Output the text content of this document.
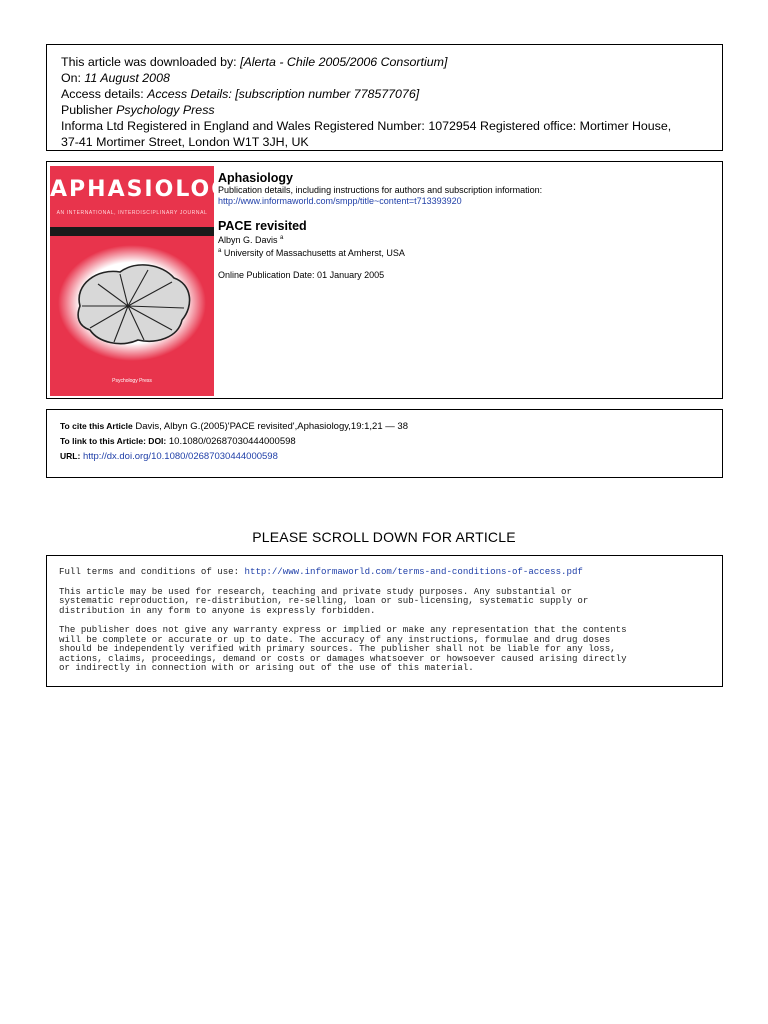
This article was downloaded by: [Alerta - Chile 2005/2006 Consortium]
On: 11 August 2008
Access details: Access Details: [subscription number 778577076]
Publisher Psychology Press
Informa Ltd Registered in England and Wales Registered Number: 1072954 Registered office: Mortimer House,
37-41 Mortimer Street, London W1T 3JH, UK
APHASIOLOGY
AN INTERNATIONAL, INTERDISCIPLINARY JOURNAL
Psychology Press
Aphasiology
Publication details, including instructions for authors and subscription information:
http://www.informaworld.com/smpp/title~content=t713393920
PACE revisited
Albyn G. Davis $^a$
$^a$ University of Massachusetts at Amherst, USA
Online Publication Date: 01 January 2005
To cite this Article Davis, Albyn G.(2005)'PACE revisited',Aphasiology,19:1,21 — 38
To link to this Article: DOI: 10.1080/02687030444000598
URL: http://dx.doi.org/10.1080/02687030444000598
PLEASE SCROLL DOWN FOR ARTICLE

Full terms and conditions of use: http://www.informaworld.com/terms-and-conditions-of-access.pdf

This article may be used for research, teaching and private study purposes. Any substantial or
systematic reproduction, re-distribution, re-selling, loan or sub-licensing, systematic supply or
distribution in any form to anyone is expressly forbidden.

The publisher does not give any warranty express or implied or make any representation that the contents
will be complete or accurate or up to date. The accuracy of any instructions, formulae and drug doses
should be independently verified with primary sources. The publisher shall not be liable for any loss,
actions, claims, proceedings, demand or costs or damages whatsoever or howsoever caused arising directly
or indirectly in connection with or arising out of the use of this material.
